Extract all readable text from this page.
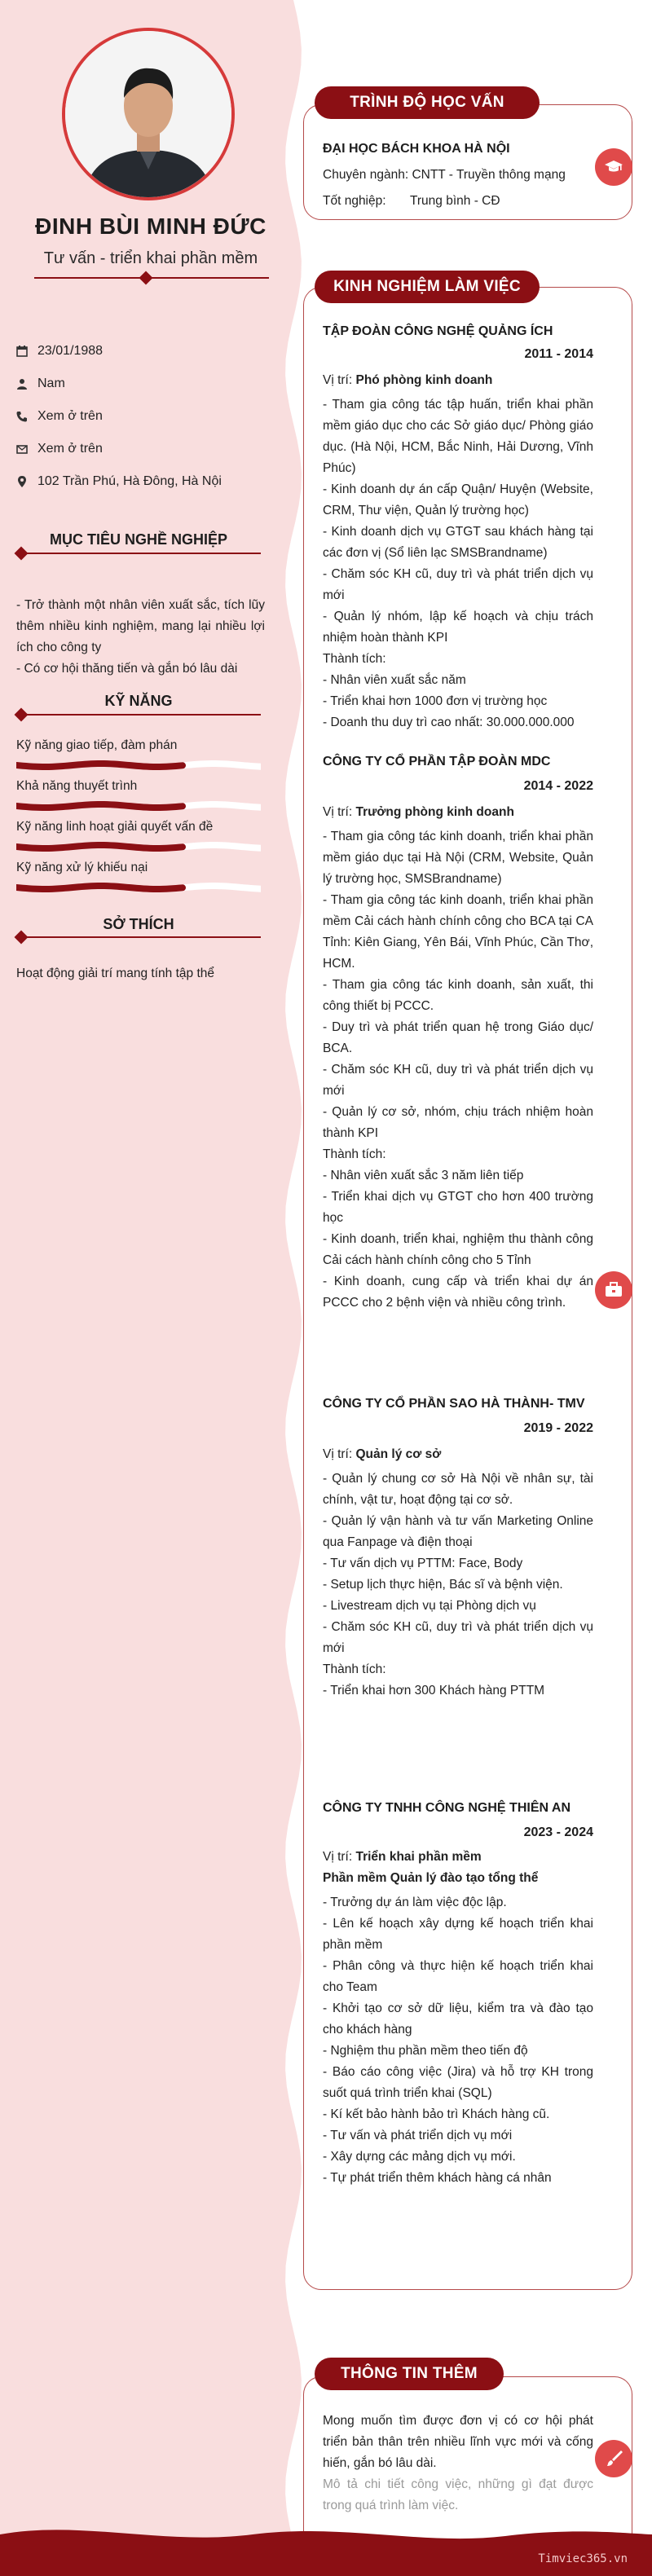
ĐINH BÙI MINH ĐỨC
Tư vấn - triển khai phần mềm
23/01/1988
Nam
Xem ở trên
Xem ở trên
102 Trần Phú, Hà Đông, Hà Nội
MỤC TIÊU NGHỀ NGHIỆP
- Trở thành một nhân viên xuất sắc, tích lũy thêm nhiều kinh nghiệm, mang lại nhiều lợi ích cho công ty
- Có cơ hội thăng tiến và gắn bó lâu dài
KỸ NĂNG
Kỹ năng giao tiếp, đàm phán
Khả năng thuyết trình
Kỹ năng linh hoạt giải quyết vấn đề
Kỹ năng xử lý khiếu nại
SỞ THÍCH
Hoạt động giải trí mang tính tập thể
TRÌNH ĐỘ HỌC VẤN
ĐẠI HỌC BÁCH KHOA HÀ NỘI
Chuyên ngành: CNTT - Truyền thông mạng
Tốt nghiệp: Trung bình - CĐ
KINH NGHIỆM LÀM VIỆC
TẬP ĐOÀN CÔNG NGHỆ QUẢNG ÍCH
2011 - 2014
Vị trí: Phó phòng kinh doanh
- Tham gia công tác tập huấn, triển khai phần mềm giáo dục cho các Sở giáo dục/ Phòng giáo dục. (Hà Nội, HCM, Bắc Ninh, Hải Dương, Vĩnh Phúc)
- Kinh doanh dự án cấp Quận/ Huyện (Website, CRM, Thư viện, Quản lý trường học)
- Kinh doanh dịch vụ GTGT sau khách hàng tại các đơn vị (Sổ liên lạc SMSBrandname)
- Chăm sóc KH cũ, duy trì và phát triển dịch vụ mới
- Quản lý nhóm, lập kế hoạch và chịu trách nhiệm hoàn thành KPI
Thành tích:
- Nhân viên xuất sắc năm
- Triển khai hơn 1000 đơn vị trường học
- Doanh thu duy trì cao nhất: 30.000.000.000
CÔNG TY CỔ PHẦN TẬP ĐOÀN MDC
2014 - 2022
Vị trí: Trưởng phòng kinh doanh
- Tham gia công tác kinh doanh, triển khai phần mềm giáo dục tại Hà Nội (CRM, Website, Quản lý trường học, SMSBrandname)
- Tham gia công tác kinh doanh, triển khai phần mềm Cải cách hành chính công cho BCA tại CA Tỉnh: Kiên Giang, Yên Bái, Vĩnh Phúc, Cần Thơ, HCM.
- Tham gia công tác kinh doanh, sản xuất, thi công thiết bị PCCC.
- Duy trì và phát triển quan hệ trong Giáo dục/ BCA.
- Chăm sóc KH cũ, duy trì và phát triển dịch vụ mới
- Quản lý cơ sở, nhóm, chịu trách nhiệm hoàn thành KPI
Thành tích:
- Nhân viên xuất sắc 3 năm liên tiếp
- Triển khai dịch vụ GTGT cho hơn 400 trường học
- Kinh doanh, triển khai, nghiệm thu thành công Cải cách hành chính công cho 5 Tỉnh
- Kinh doanh, cung cấp và triển khai dự án PCCC cho 2 bệnh viện và nhiều công trình.
CÔNG TY CỔ PHẦN SAO HÀ THÀNH- TMV
2019 - 2022
Vị trí: Quản lý cơ sở
- Quản lý chung cơ sở Hà Nội về nhân sự, tài chính, vật tư, hoạt động tại cơ sở.
- Quản lý vận hành và tư vấn Marketing Online qua Fanpage và điện thoại
- Tư vấn dịch vụ PTTM: Face, Body
- Setup lịch thực hiện, Bác sĩ và bệnh viện.
- Livestream dịch vụ tại Phòng dịch vụ
- Chăm sóc KH cũ, duy trì và phát triển dịch vụ mới
Thành tích:
- Triển khai hơn 300 Khách hàng PTTM
CÔNG TY TNHH CÔNG NGHỆ THIÊN AN
2023 - 2024
Vị trí: Triển khai phần mềm
Phần mềm Quản lý đào tạo tổng thể
- Trưởng dự án làm việc độc lập.
- Lên kế hoạch xây dựng kế hoạch triển khai phần mềm
- Phân công và thực hiện kế hoạch triển khai cho Team
- Khởi tạo cơ sở dữ liệu, kiểm tra và đào tạo cho khách hàng
- Nghiệm thu phần mềm theo tiến độ
- Báo cáo công việc (Jira) và hỗ trợ KH trong suốt quá trình triển khai (SQL)
- Kí kết bảo hành bảo trì Khách hàng cũ.
- Tư vấn và phát triển dịch vụ mới
- Xây dựng các mảng dịch vụ mới.
- Tự phát triển thêm khách hàng cá nhân
THÔNG TIN THÊM
Mong muốn tìm được đơn vị có cơ hội phát triển bản thân trên nhiều lĩnh vực mới và cống hiến, gắn bó lâu dài.
Mô tả chi tiết công việc, những gì đạt được trong quá trình làm việc.
Timviec365.vn
